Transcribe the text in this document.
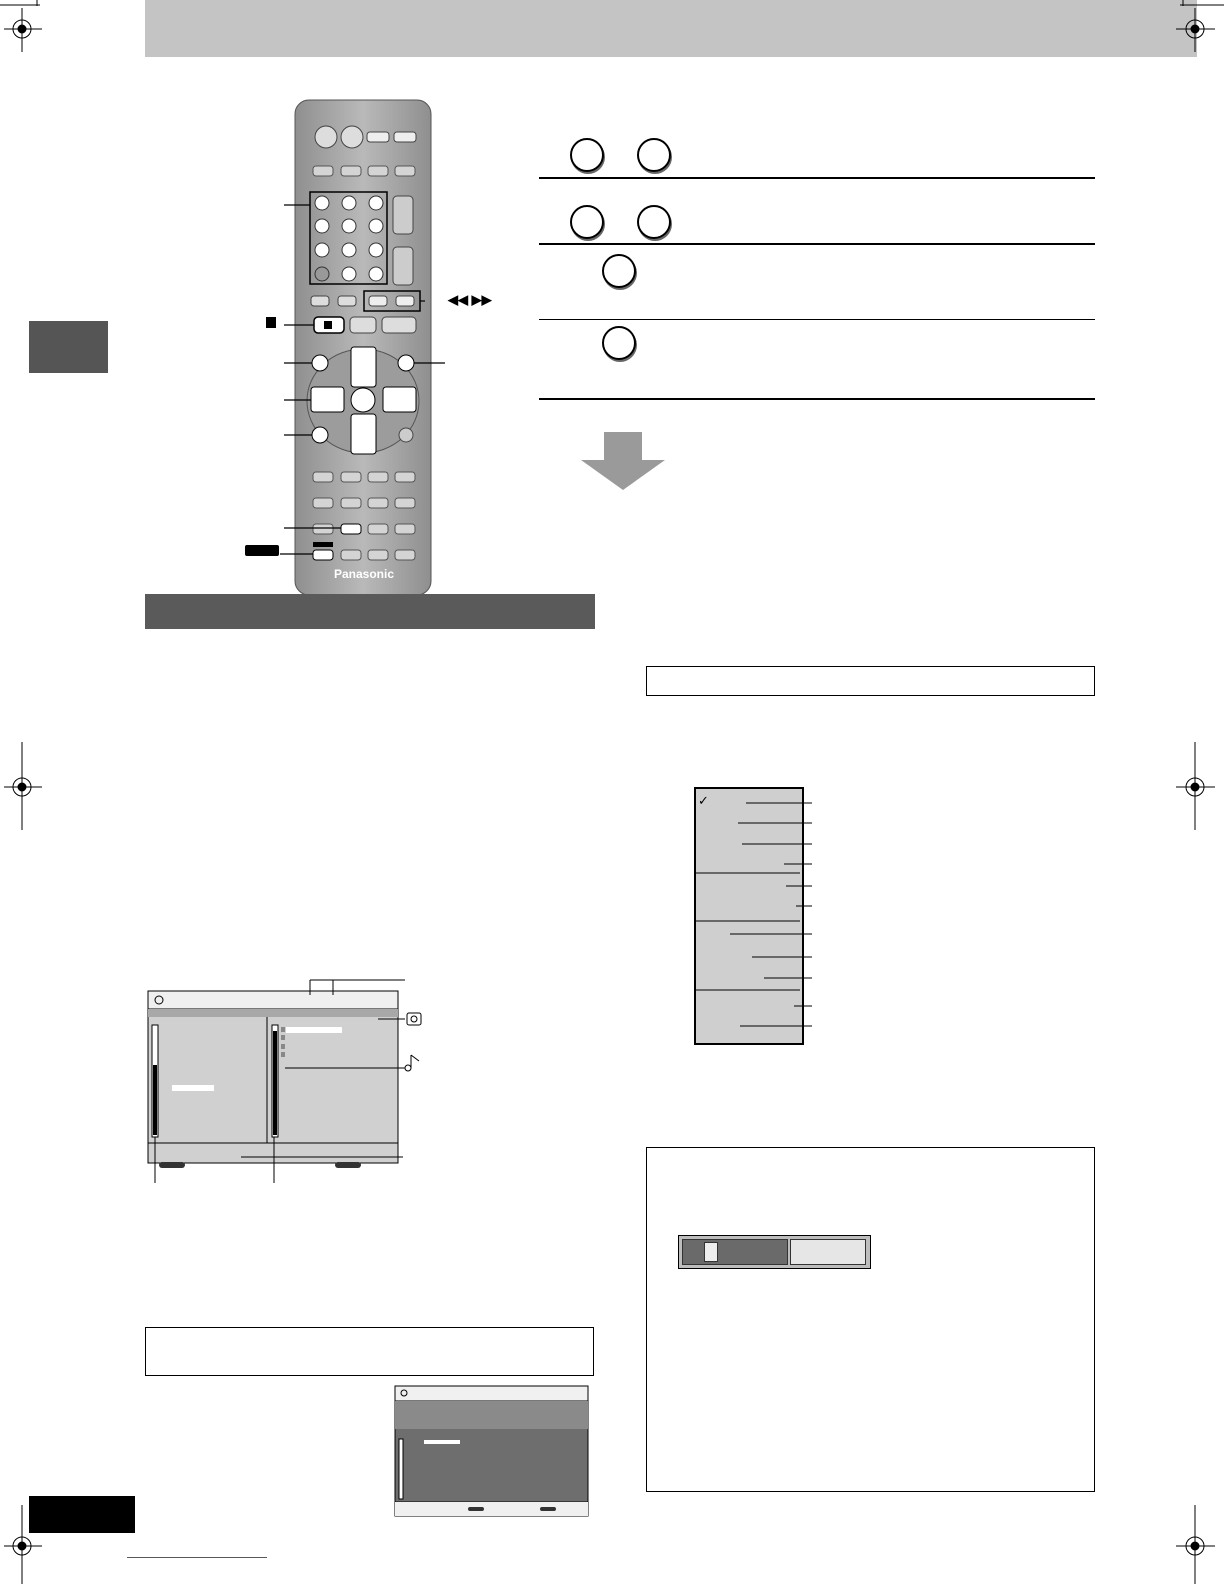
Panasonic
◀◀ ▶▶
✓
